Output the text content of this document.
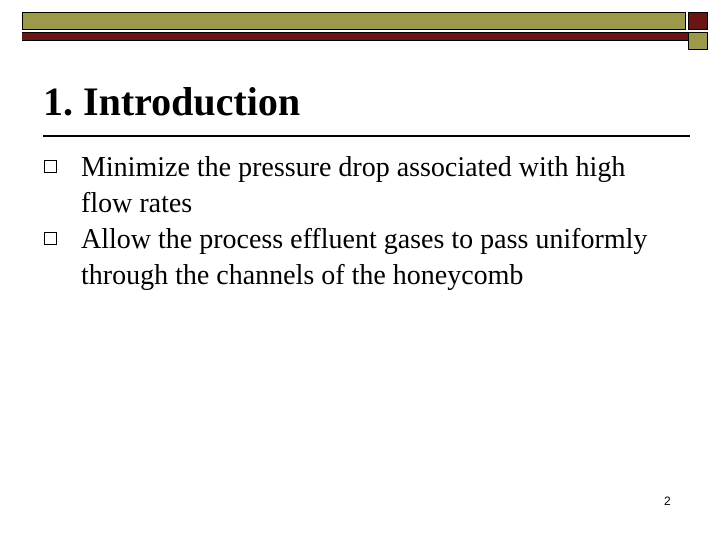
1. Introduction
Minimize the pressure drop associated with high flow rates
Allow the process effluent gases to pass uniformly through the channels of the honeycomb
2
